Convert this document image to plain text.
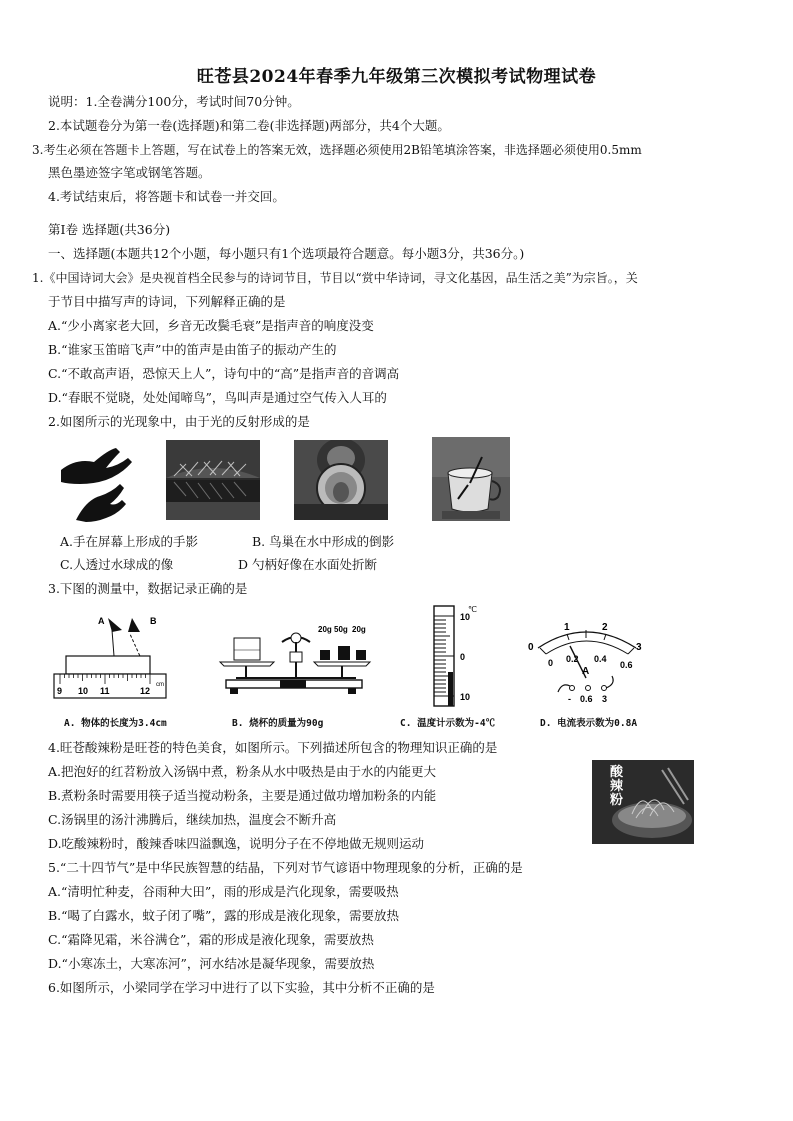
旺苍县2024年春季九年级第三次模拟考试物理试卷
说明：1.全卷满分100分，考试时间70分钟。
2.本试题卷分为第一卷(选择题)和第二卷(非选择题)两部分，共4个大题。
3.考生必须在答题卡上答题，写在试卷上的答案无效，选择题必须使用2B铅笔填涂答案，非选择题必须使用0.5mm
黑色墨迹签字笔或钢笔答题。
4.考试结束后，将答题卡和试卷一并交回。
第Ⅰ卷 选择题(共36分)
一、选择题(本题共12个小题，每小题只有1个选项最符合题意。每小题3分，共36分。)
1.《中国诗词大会》是央视首档全民参与的诗词节目，节目以“赏中华诗词，寻文化基因，品生活之美”为宗旨。，关
于节目中描写声的诗词，下列解释正确的是
A.“少小离家老大回，乡音无改鬓毛衰”是指声音的响度没变
B.“谁家玉笛暗飞声”中的笛声是由笛子的振动产生的
C.“不敢高声语，恐惊天上人”，诗句中的“高”是指声音的音调高
D.“春眠不觉晓，处处闻啼鸟”，鸟叫声是通过空气传入人耳的
2.如图所示的光现象中，由于光的反射形成的是
A.手在屏幕上形成的手影	B. 鸟巢在水中形成的倒影
C.人透过水球成的像	D 勺柄好像在水面处折断
3.下图的测量中，数据记录正确的是
A	B
9 10 11	12
cm
A. 物体的长度为3.4cm
20g 50g 20g
B. 烧杯的质量为90g
10
0
10
℃
C. 温度计示数为-4℃
0
1	2
3
0 0.2 0.4
0.6
A
- 0.6 3
D. 电流表示数为0.8A
4.旺苍酸辣粉是旺苍的特色美食，如图所示。下列描述所包含的物理知识正确的是
A.把泡好的红苕粉放入汤锅中煮，粉条从水中吸热是由于水的内能更大
B.煮粉条时需要用筷子适当搅动粉条，主要是通过做功增加粉条的内能
C.汤锅里的汤汁沸腾后，继续加热，温度会不断升高
D.吃酸辣粉时，酸辣香味四溢飘逸，说明分子在不停地做无规则运动
酸辣粉
5.“二十四节气”是中华民族智慧的结晶，下列对节气谚语中物理现象的分析，正确的是
A.“清明忙种麦，谷雨种大田”，雨的形成是汽化现象，需要吸热
B.“喝了白露水，蚊子闭了嘴”，露的形成是液化现象，需要放热
C.“霜降见霜，米谷满仓”，霜的形成是液化现象，需要放热
D.“小寒冻土，大寒冻河”，河水结冰是凝华现象，需要放热
6.如图所示，小梁同学在学习中进行了以下实验，其中分析不正确的是
